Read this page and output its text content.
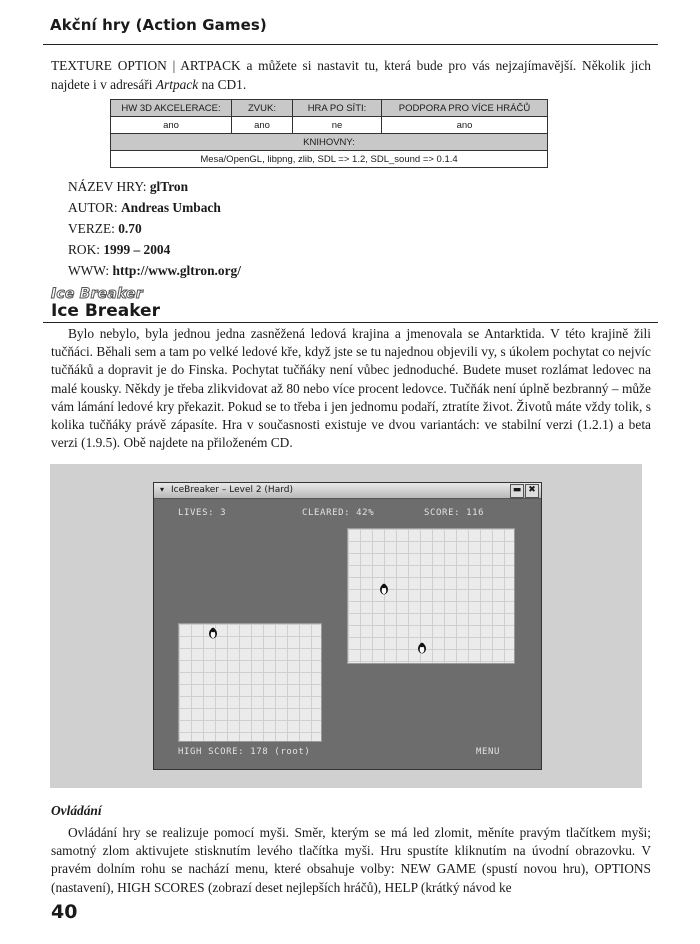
Akční hry (Action Games)
TEXTURE OPTION | ARTPACK a můžete si nastavit tu, která bude pro vás nejzajímavější. Několik jich najdete i v adresáři Artpack na CD1.
HW 3D AKCELERACE:	ZVUK:	HRA PO SÍTI:	PODPORA PRO VÍCE HRÁČŮ
ano	ano	ne	ano
KNIHOVNY:			
Mesa/OpenGL, libpng, zlib, SDL => 1.2, SDL_sound => 0.1.4			
NÁZEV HRY: glTron
AUTOR: Andreas Umbach
VERZE: 0.70
ROK: 1999 – 2004
WWW: http://www.gltron.org/
Ice Breaker
Ice Breaker
Bylo nebylo, byla jednou jedna zasněžená ledová krajina a jmenovala se Antarktida. V této krajině žili tučňáci. Běhali sem a tam po velké ledové kře, když jste se tu najednou objevili vy, s úkolem pochytat co nejvíc tučňáků a dopravit je do Finska. Pochytat tučňáky není vůbec jednoduché. Budete muset rozlámat ledovec na malé kousky. Někdy je třeba zlikvidovat až 80 nebo více procent ledovce. Tučňák není úplně bezbranný – může vám lámání ledové kry překazit. Pokud se to třeba i jen jednomu podaří, ztratíte život. Životů máte vždy tolik, s kolika tučňáky právě zápasíte. Hra v současnosti existuje ve dvou variantách: ve stabilní verzi (1.2.1) a beta verzi (1.9.5). Obě najdete na přiloženém CD.
▾ IceBreaker – Level 2 (Hard)	▬ ✖
LIVES: 3	CLEARED: 42%	SCORE: 116
HIGH SCORE: 178 (root)	MENU
Ovládání
Ovládání hry se realizuje pomocí myši. Směr, kterým se má led zlomit, měníte pravým tlačítkem myši; samotný zlom aktivujete stisknutím levého tlačítka myši. Hru spustíte kliknutím na úvodní obrazovku. V pravém dolním rohu se nachází menu, které obsahuje volby: NEW GAME (spustí novou hru), OPTIONS (nastavení), HIGH SCORES (zobrazí deset nejlepších hráčů), HELP (krátký návod ke
40
